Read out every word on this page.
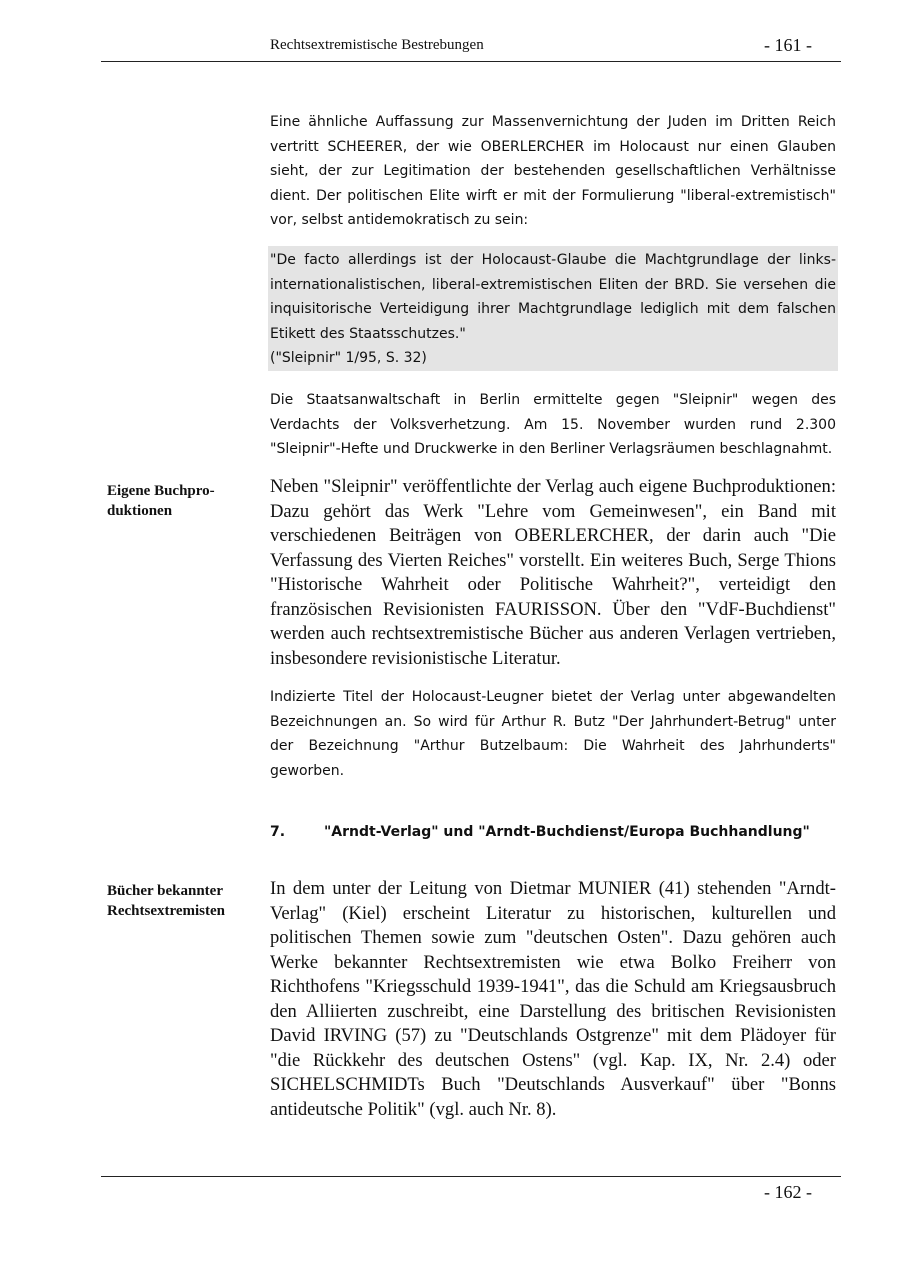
Rechtsextremistische Bestrebungen	- 161 -

Eine ähnliche Auffassung zur Massenvernichtung der Juden im Dritten Reich vertritt SCHEERER, der wie OBERLERCHER im Holocaust nur einen Glauben sieht, der zur Legitimation der bestehenden gesellschaftlichen Verhältnisse dient. Der politischen Elite wirft er mit der Formulierung "liberal-extremistisch" vor, selbst antidemokratisch zu sein:

"De facto allerdings ist der Holocaust-Glaube die Machtgrundlage der links-internationalistischen, liberal-extremistischen Eliten der BRD. Sie versehen die inquisitorische Verteidigung ihrer Machtgrundlage lediglich mit dem falschen Etikett des Staatsschutzes."

("Sleipnir" 1/95, S. 32)

Die Staatsanwaltschaft in Berlin ermittelte gegen "Sleipnir" wegen des Verdachts der Volksverhetzung. Am 15. November wurden rund 2.300 "Sleipnir"-Hefte und Druckwerke in den Berliner Verlagsräumen beschlagnahmt.

Eigene Buchpro-duktionen

Neben "Sleipnir" veröffentlichte der Verlag auch eigene Buchproduktionen: Dazu gehört das Werk "Lehre vom Gemeinwesen", ein Band mit verschiedenen Beiträgen von OBERLERCHER, der darin auch "Die Verfassung des Vierten Reiches" vorstellt. Ein weiteres Buch, Serge Thions "Historische Wahrheit oder Politische Wahrheit?", verteidigt den französischen Revisionisten FAURISSON. Über den "VdF-Buchdienst" werden auch rechtsextremistische Bücher aus anderen Verlagen vertrieben, insbesondere revisionistische Literatur.

Indizierte Titel der Holocaust-Leugner bietet der Verlag unter abgewandelten Bezeichnungen an. So wird für Arthur R. Butz "Der Jahrhundert-Betrug" unter der Bezeichnung "Arthur Butzelbaum: Die Wahrheit des Jahrhunderts" geworben.

7.	"Arndt-Verlag" und "Arndt-Buchdienst/Europa Buchhandlung"

Bücher bekannter Rechtsextremisten

In dem unter der Leitung von Dietmar MUNIER (41) stehenden "Arndt-Verlag" (Kiel) erscheint Literatur zu historischen, kulturellen und politischen Themen sowie zum "deutschen Osten". Dazu gehören auch Werke bekannter Rechtsextremisten wie etwa Bolko Freiherr von Richthofens "Kriegsschuld 1939-1941", das die Schuld am Kriegsausbruch den Alliierten zuschreibt, eine Darstellung des britischen Revisionisten David IRVING (57) zu "Deutschlands Ostgrenze" mit dem Plädoyer für "die Rückkehr des deutschen Ostens" (vgl. Kap. IX, Nr. 2.4) oder SICHELSCHMIDTs Buch "Deutschlands Ausverkauf" über "Bonns antideutsche Politik" (vgl. auch Nr. 8).

- 162 -
